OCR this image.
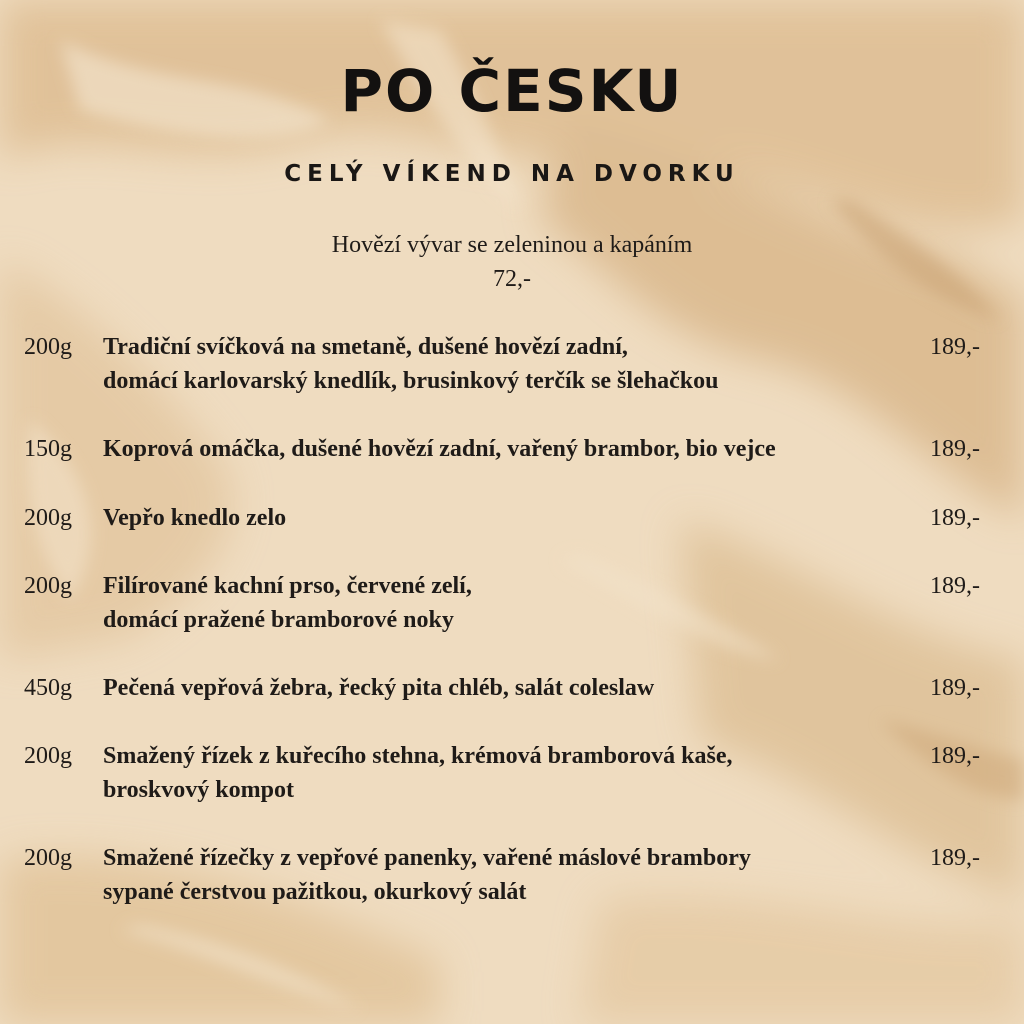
PO ČESKU
CELÝ VÍKEND NA DVORKU
Hovězí vývar se zeleninou a kapáním
72,-
200g Tradiční svíčková na smetaně, dušené hovězí zadní,
domácí karlovarský knedlík, brusinkový terčík se šlehačkou
189,-
150g Koprová omáčka, dušené hovězí zadní, vařený brambor, bio vejce	189,-
200g Vepřo knedlo zelo	189,-
200g Filírované kachní prso, červené zelí,
domácí pražené bramborové noky
189,-
450g Pečená vepřová žebra, řecký pita chléb, salát coleslaw	189,-
200g Smažený řízek z kuřecího stehna, krémová bramborová kaše,
broskvový kompot
189,-
200g Smažené řízečky z vepřové panenky, vařené máslové brambory
sypané čerstvou pažitkou, okurkový salát
189,-
